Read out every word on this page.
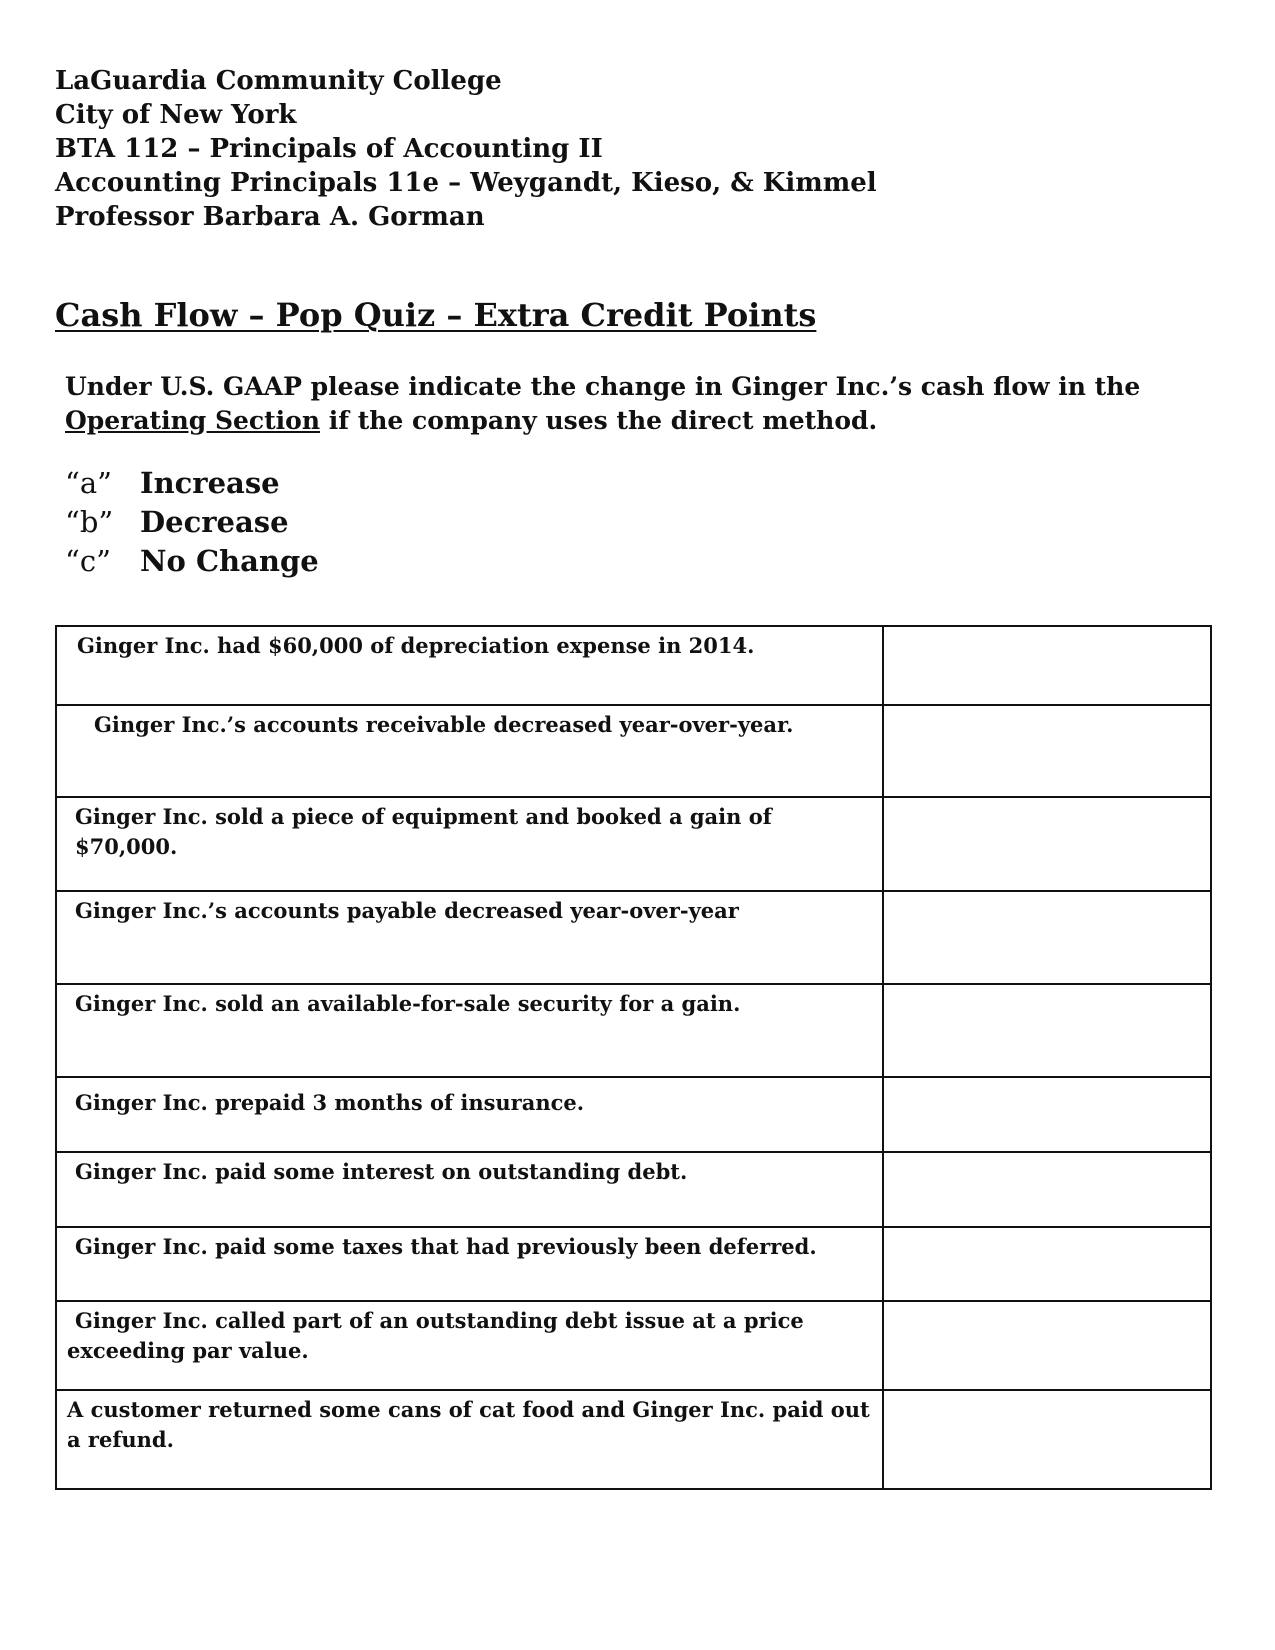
LaGuardia Community College
City of New York
BTA 112 – Principals of Accounting II
Accounting Principals 11e – Weygandt, Kieso, & Kimmel
Professor Barbara A. Gorman
Cash Flow – Pop Quiz – Extra Credit Points
Under U.S. GAAP please indicate the change in Ginger Inc.’s cash flow in the Operating Section if the company uses the direct method.
“a” Increase
“b” Decrease
“c”	No Change
Ginger Inc. had $60,000 of depreciation expense in 2014.	
Ginger Inc.’s accounts receivable decreased year-over-year.	
Ginger Inc. sold a piece of equipment and booked a gain of $70,000.	
Ginger Inc.’s accounts payable decreased year-over-year	
Ginger Inc. sold an available-for-sale security for a gain.	
Ginger Inc. prepaid 3 months of insurance.	
Ginger Inc. paid some interest on outstanding debt.	
Ginger Inc. paid some taxes that had previously been deferred.	
Ginger Inc. called part of an outstanding debt issue at a price exceeding par value.	
A customer returned some cans of cat food and Ginger Inc. paid out a refund.	
